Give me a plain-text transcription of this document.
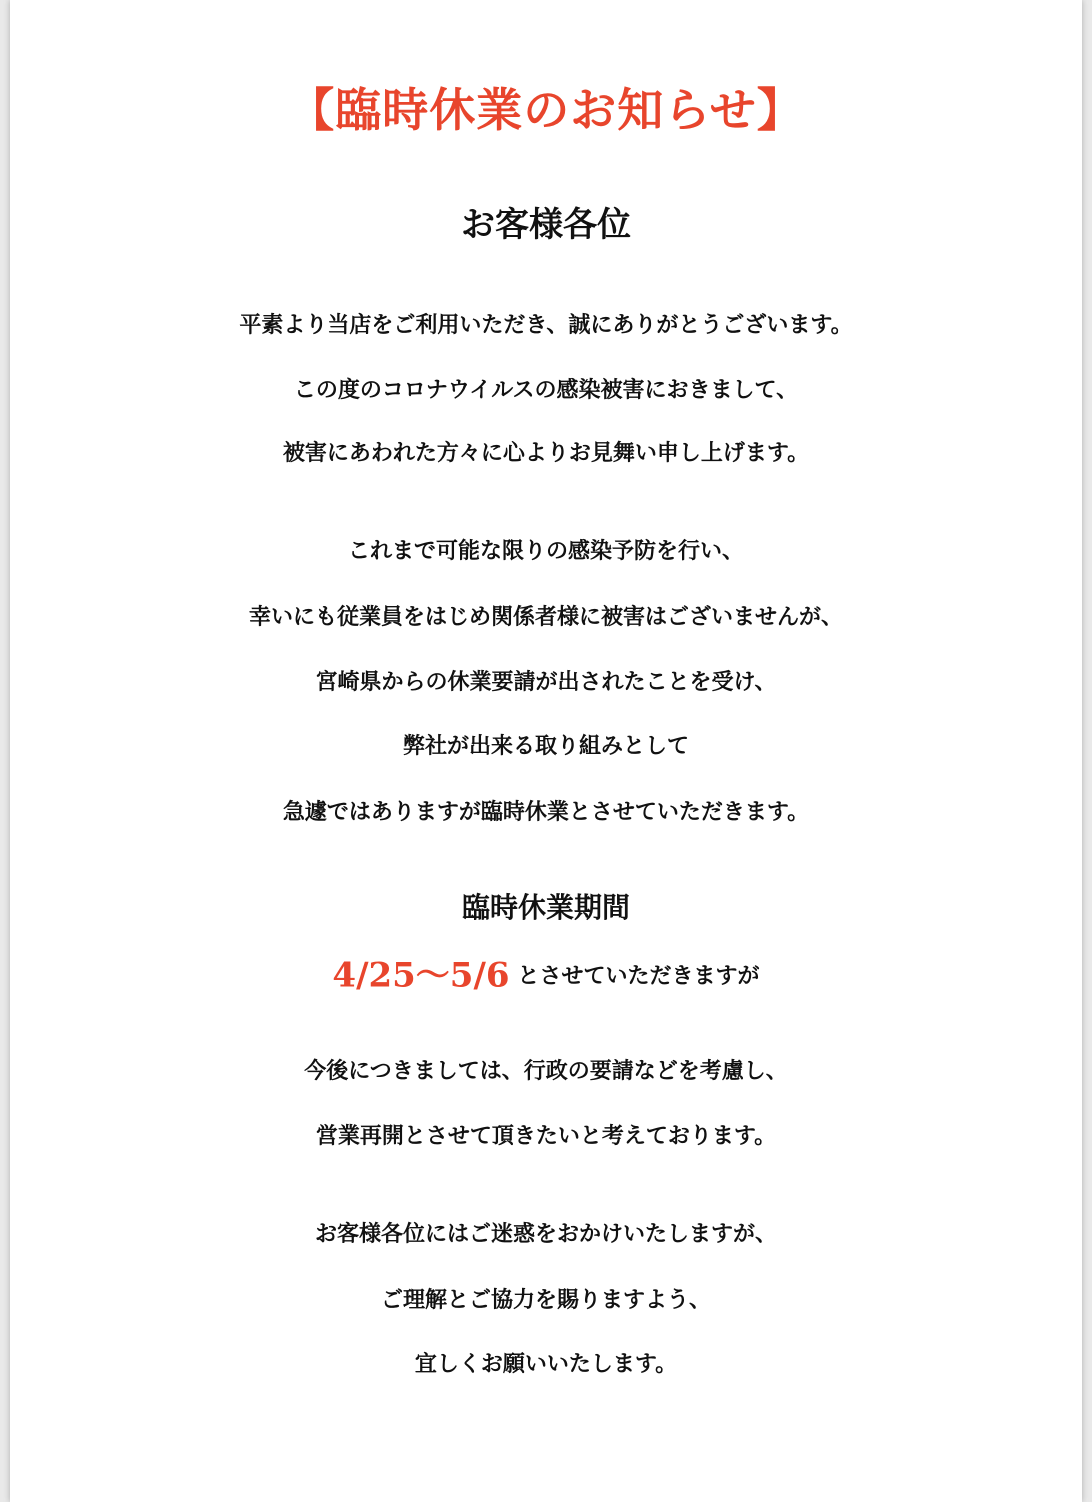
【臨時休業のお知らせ】
お客様各位
平素より当店をご利用いただき、誠にありがとうございます。
この度のコロナウイルスの感染被害におきまして、
被害にあわれた方々に心よりお見舞い申し上げます。
これまで可能な限りの感染予防を行い、
幸いにも従業員をはじめ関係者様に被害はございませんが、
宮崎県からの休業要請が出されたことを受け、
弊社が出来る取り組みとして
急遽ではありますが臨時休業とさせていただきます。
臨時休業期間
4/25～5/6 とさせていただきますが
今後につきましては、行政の要請などを考慮し、
営業再開とさせて頂きたいと考えております。
お客様各位にはご迷惑をおかけいたしますが、
ご理解とご協力を賜りますよう、
宜しくお願いいたします。
